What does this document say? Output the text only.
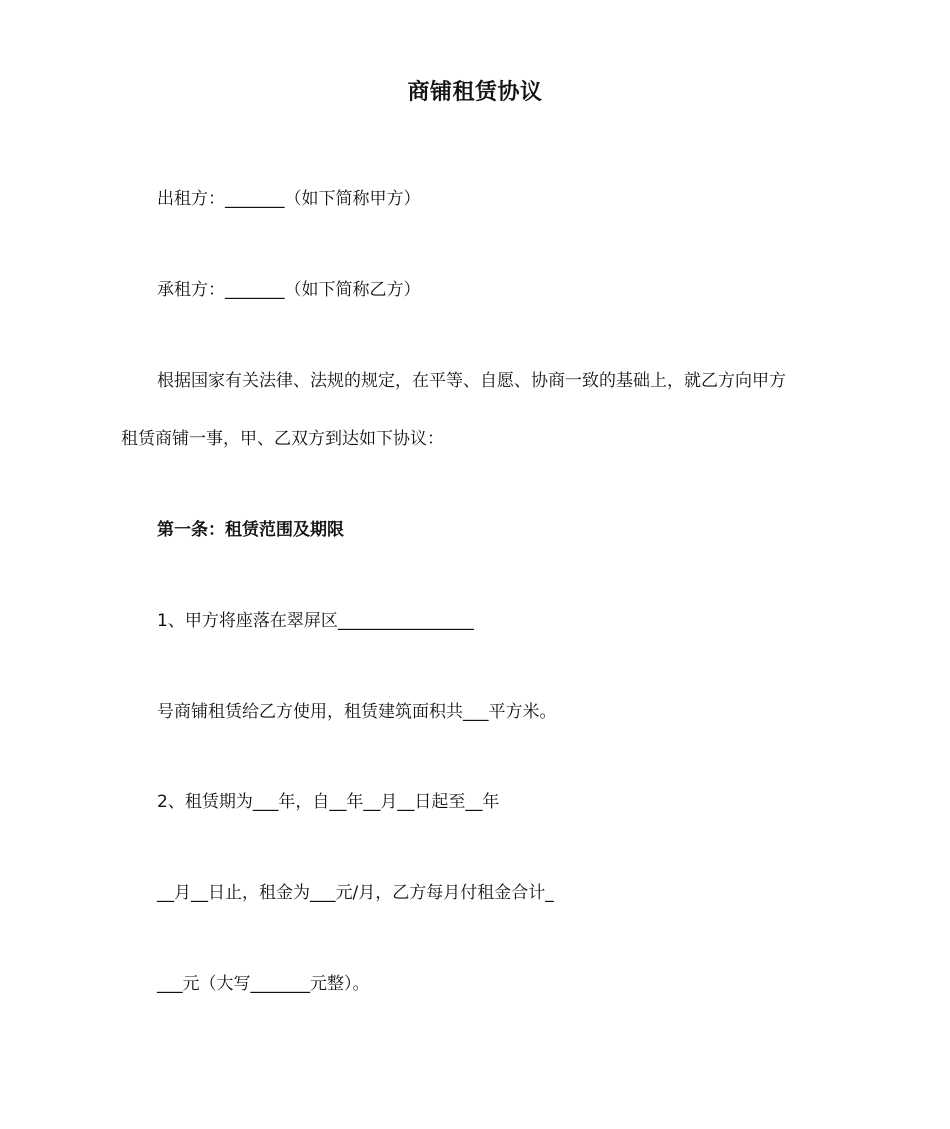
商铺租赁协议
出租方：_______（如下简称甲方）
承租方：_______（如下简称乙方）
根据国家有关法律、法规的规定，在平等、自愿、协商一致的基础上，就乙方向甲方
租赁商铺一事，甲、乙双方到达如下协议：
第一条：租赁范围及期限
1、甲方将座落在翠屏区________________
号商铺租赁给乙方使用，租赁建筑面积共___平方米。
2、租赁期为___年，自__年__月__日起至__年
__月__日止，租金为___元/月，乙方每月付租金合计_
___元（大写_______元整）。
